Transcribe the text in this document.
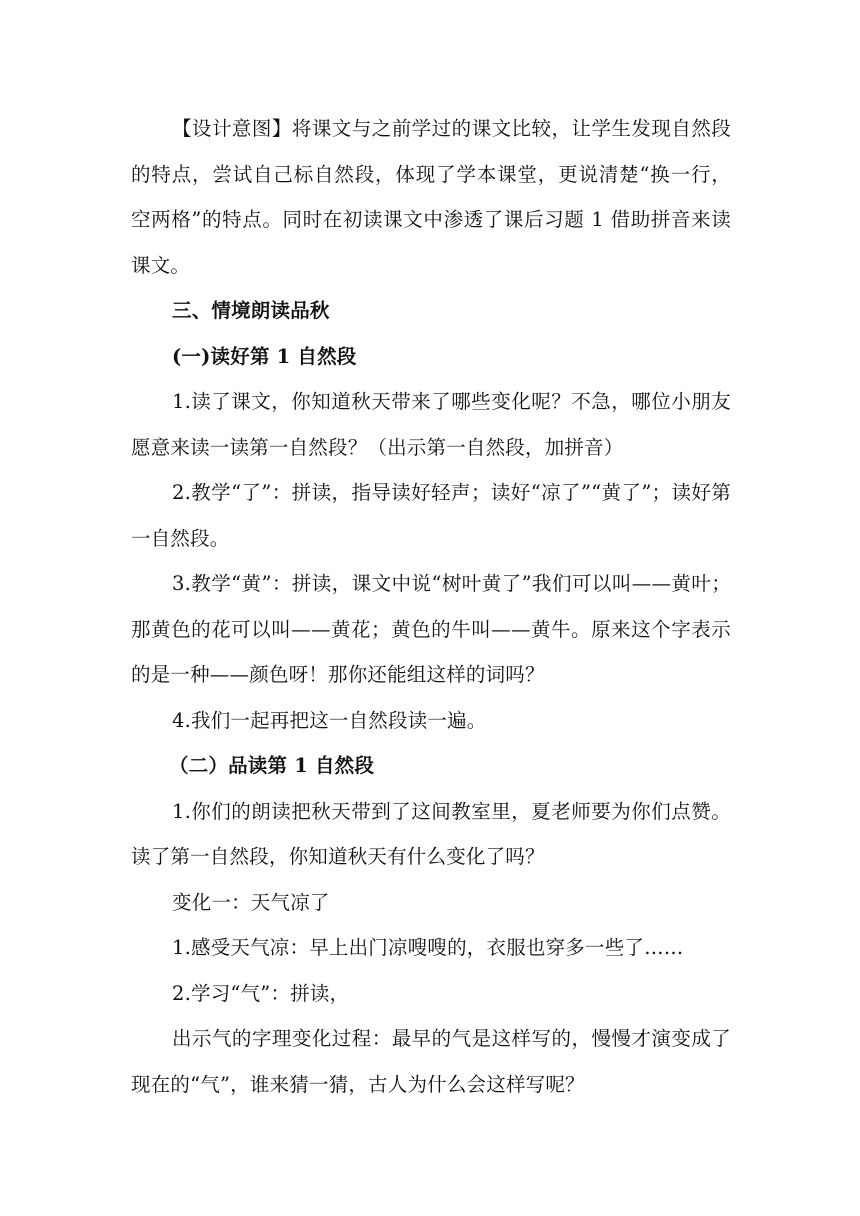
【设计意图】将课文与之前学过的课文比较，让学生发现自然段的特点，尝试自己标自然段，体现了学本课堂，更说清楚“换一行，空两格”的特点。同时在初读课文中渗透了课后习题 1 借助拼音来读课文。

三、情境朗读品秋

(一)读好第 1 自然段

1.读了课文，你知道秋天带来了哪些变化呢？不急，哪位小朋友愿意来读一读第一自然段？（出示第一自然段，加拼音）

2.教学“了”：拼读，指导读好轻声；读好“凉了”“黄了”；读好第一自然段。

3.教学“黄”：拼读，课文中说“树叶黄了”我们可以叫——黄叶；那黄色的花可以叫——黄花；黄色的牛叫——黄牛。原来这个字表示的是一种——颜色呀！那你还能组这样的词吗？

4.我们一起再把这一自然段读一遍。

（二）品读第 1 自然段

1.你们的朗读把秋天带到了这间教室里，夏老师要为你们点赞。读了第一自然段，你知道秋天有什么变化了吗？

变化一：天气凉了

1.感受天气凉：早上出门凉嗖嗖的，衣服也穿多一些了……

2.学习“气”：拼读，

出示气的字理变化过程：最早的气是这样写的，慢慢才演变成了现在的“气”，谁来猜一猜，古人为什么会这样写呢？
